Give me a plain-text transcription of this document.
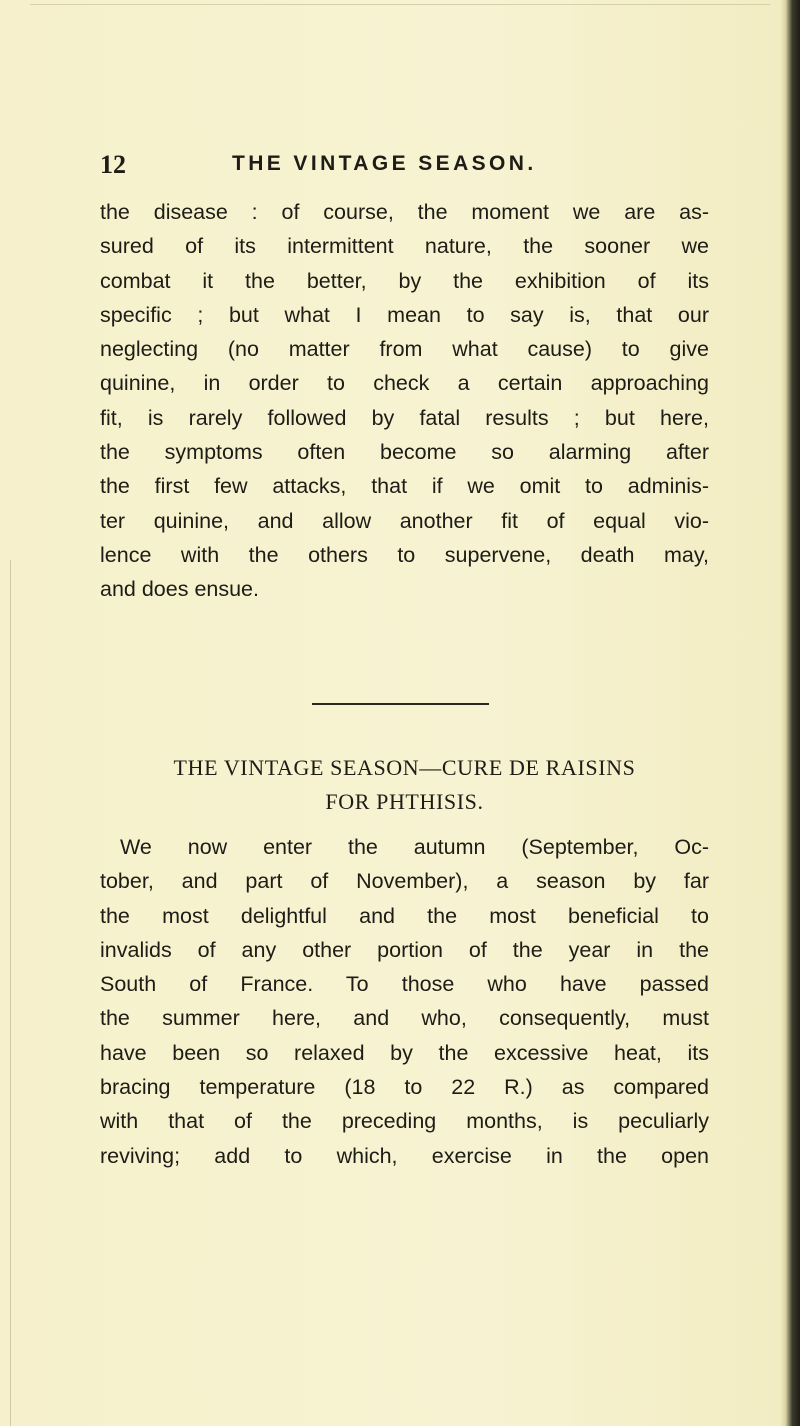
12	THE VINTAGE SEASON.
the disease : of course, the moment we are as-
sured of its intermittent nature, the sooner we
combat it the better, by the exhibition of its
specific ; but what I mean to say is, that our
neglecting (no matter from what cause) to give
quinine, in order to check a certain approaching
fit, is rarely followed by fatal results ; but here,
the symptoms often become so alarming after
the first few attacks, that if we omit to adminis-
ter quinine, and allow another fit of equal vio-
lence with the others to supervene, death may,
and does ensue.
THE VINTAGE SEASON—CURE DE RAISINS
FOR PHTHISIS.
We now enter the autumn (September, Oc-
tober, and part of November), a season by far
the most delightful and the most beneficial to
invalids of any other portion of the year in the
South of France. To those who have passed
the summer here, and who, consequently, must
have been so relaxed by the excessive heat, its
bracing temperature (18 to 22 R.) as compared
with that of the preceding months, is peculiarly
reviving; add to which, exercise in the open
